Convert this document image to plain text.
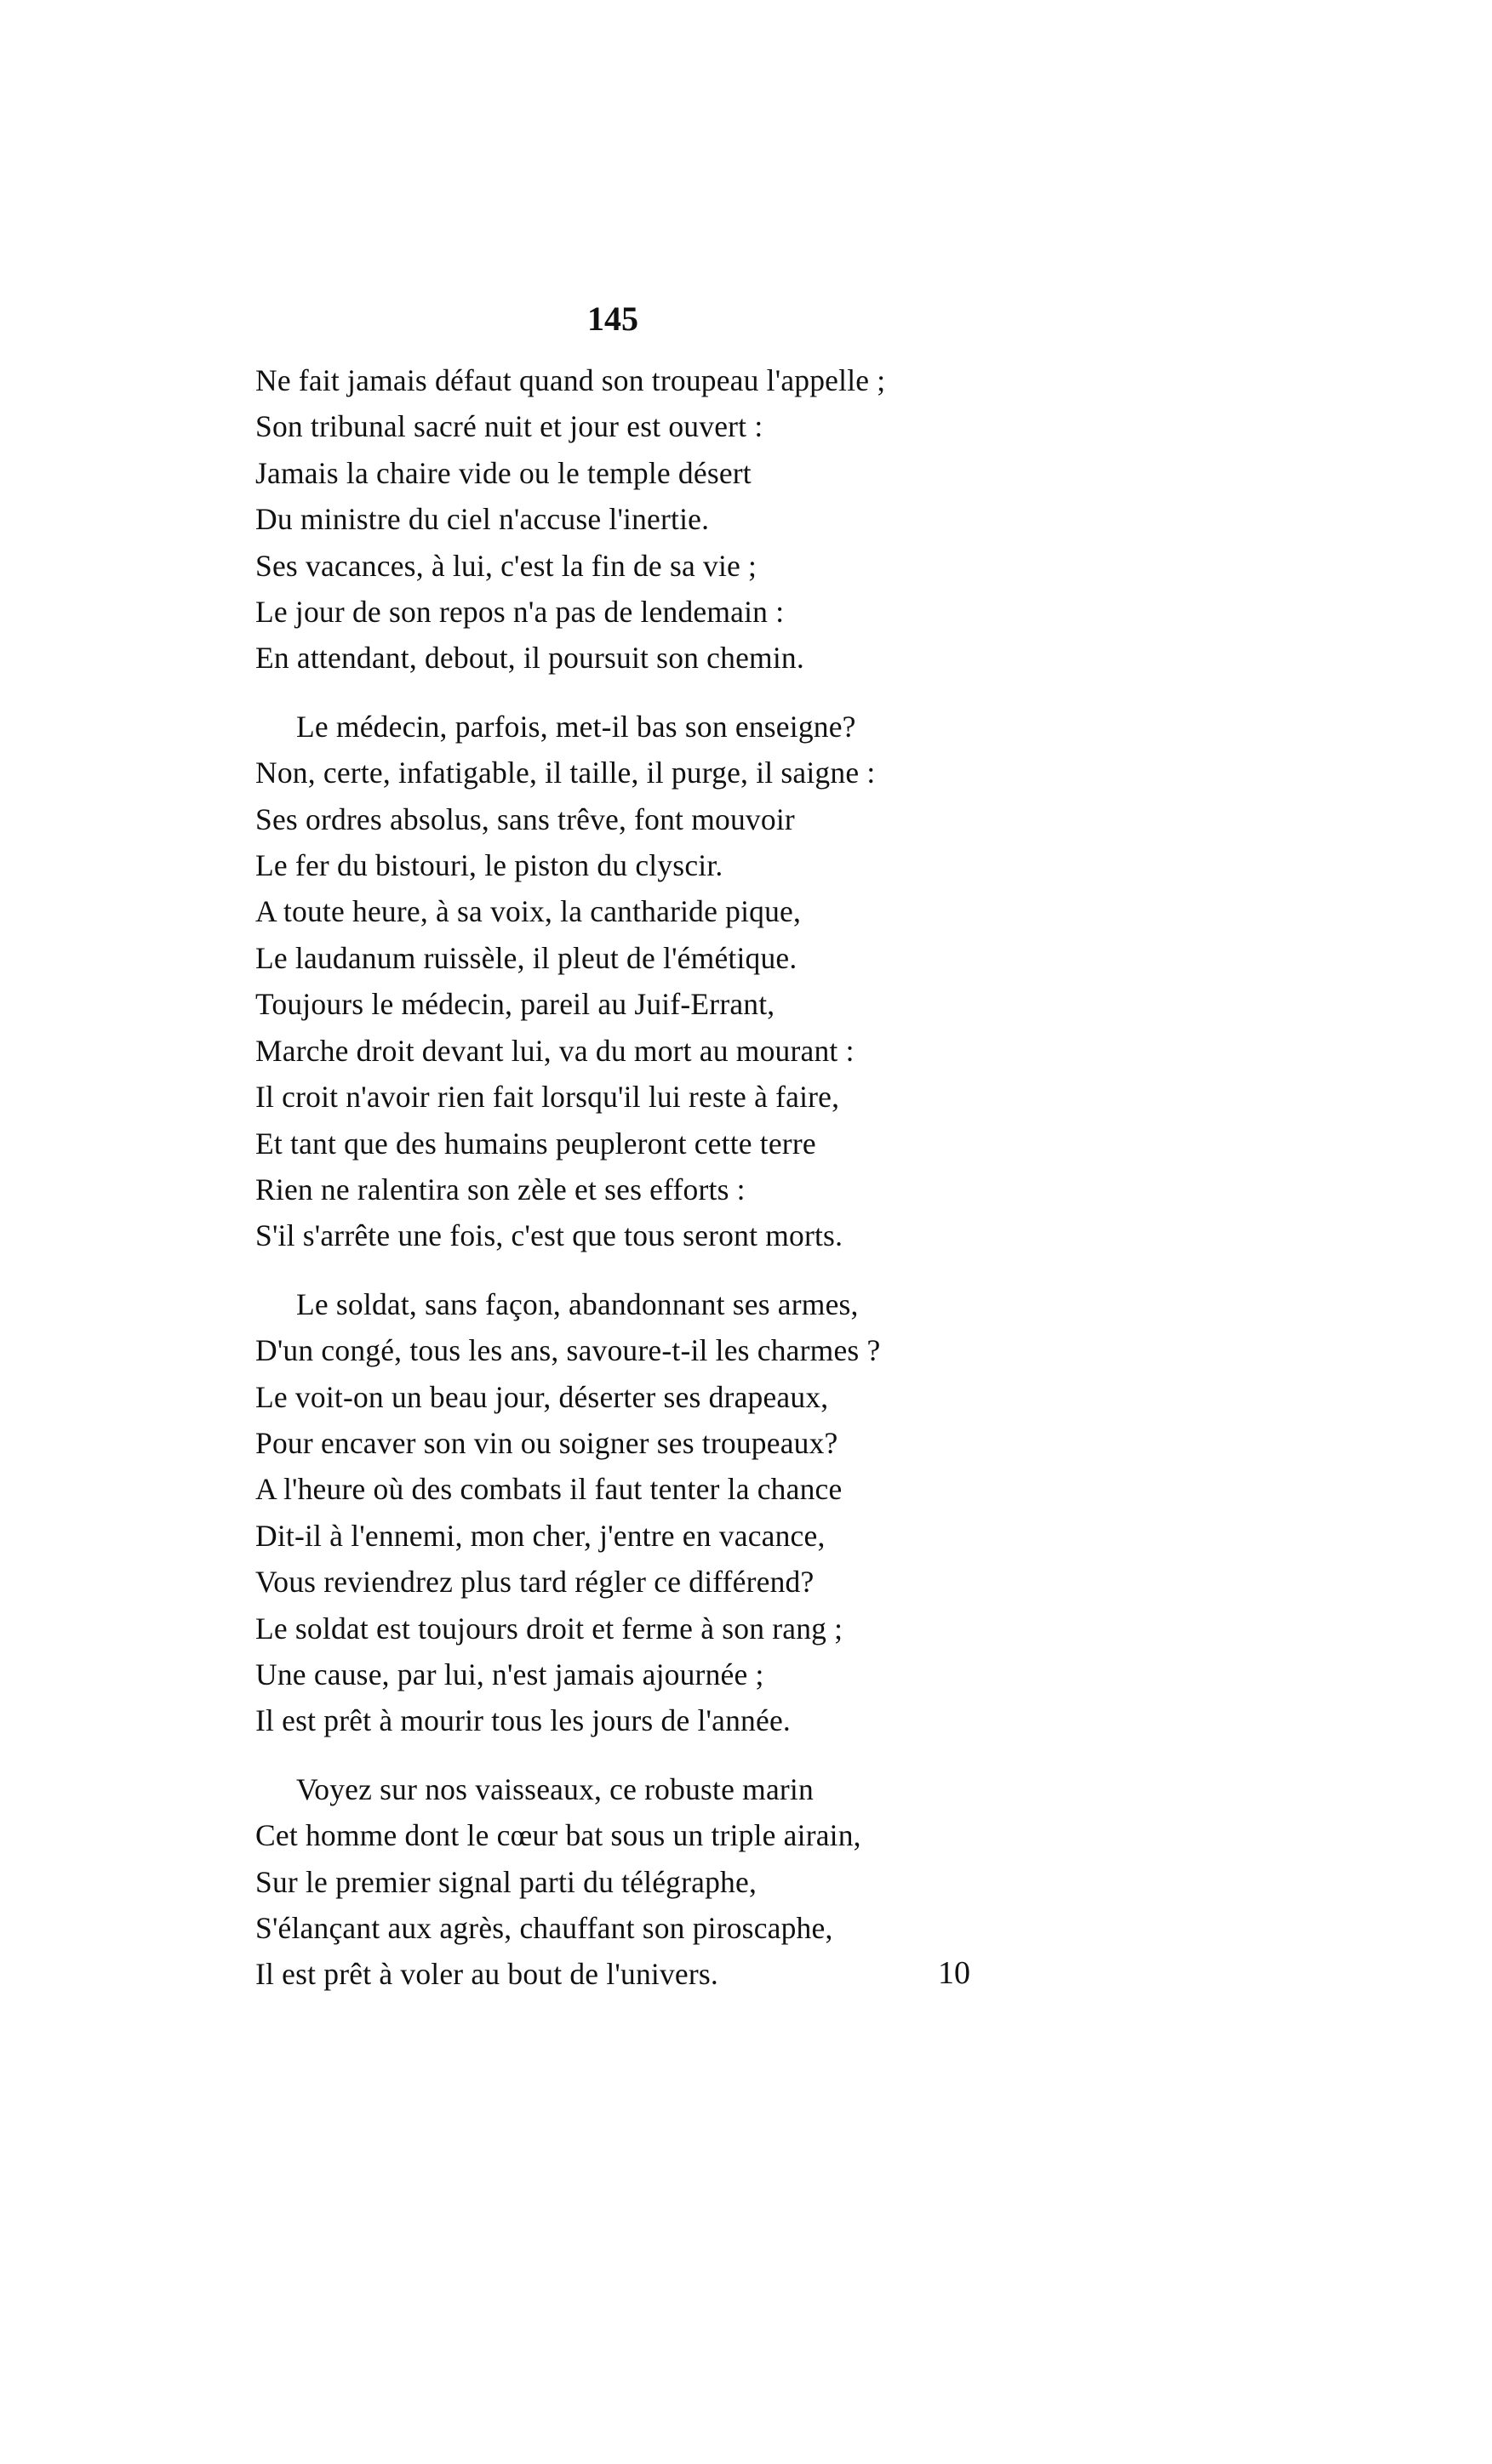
145
Ne fait jamais défaut quand son troupeau l'appelle ;
Son tribunal sacré nuit et jour est ouvert :
Jamais la chaire vide ou le temple désert
Du ministre du ciel n'accuse l'inertie.
Ses vacances, à lui, c'est la fin de sa vie ;
Le jour de son repos n'a pas de lendemain :
En attendant, debout, il poursuit son chemin.
Le médecin, parfois, met-il bas son enseigne?
Non, certe, infatigable, il taille, il purge, il saigne :
Ses ordres absolus, sans trêve, font mouvoir
Le fer du bistouri, le piston du clyscir.
A toute heure, à sa voix, la cantharide pique,
Le laudanum ruissèle, il pleut de l'émétique.
Toujours le médecin, pareil au Juif-Errant,
Marche droit devant lui, va du mort au mourant :
Il croit n'avoir rien fait lorsqu'il lui reste à faire,
Et tant que des humains peupleront cette terre
Rien ne ralentira son zèle et ses efforts :
S'il s'arrête une fois, c'est que tous seront morts.
Le soldat, sans façon, abandonnant ses armes,
D'un congé, tous les ans, savoure-t-il les charmes ?
Le voit-on un beau jour, déserter ses drapeaux,
Pour encaver son vin ou soigner ses troupeaux?
A l'heure où des combats il faut tenter la chance
Dit-il à l'ennemi, mon cher, j'entre en vacance,
Vous reviendrez plus tard régler ce différend?
Le soldat est toujours droit et ferme à son rang ;
Une cause, par lui, n'est jamais ajournée ;
Il est prêt à mourir tous les jours de l'année.
Voyez sur nos vaisseaux, ce robuste marin
Cet homme dont le cœur bat sous un triple airain,
Sur le premier signal parti du télégraphe,
S'élançant aux agrès, chauffant son piroscaphe,
Il est prêt à voler au bout de l'univers.	10
